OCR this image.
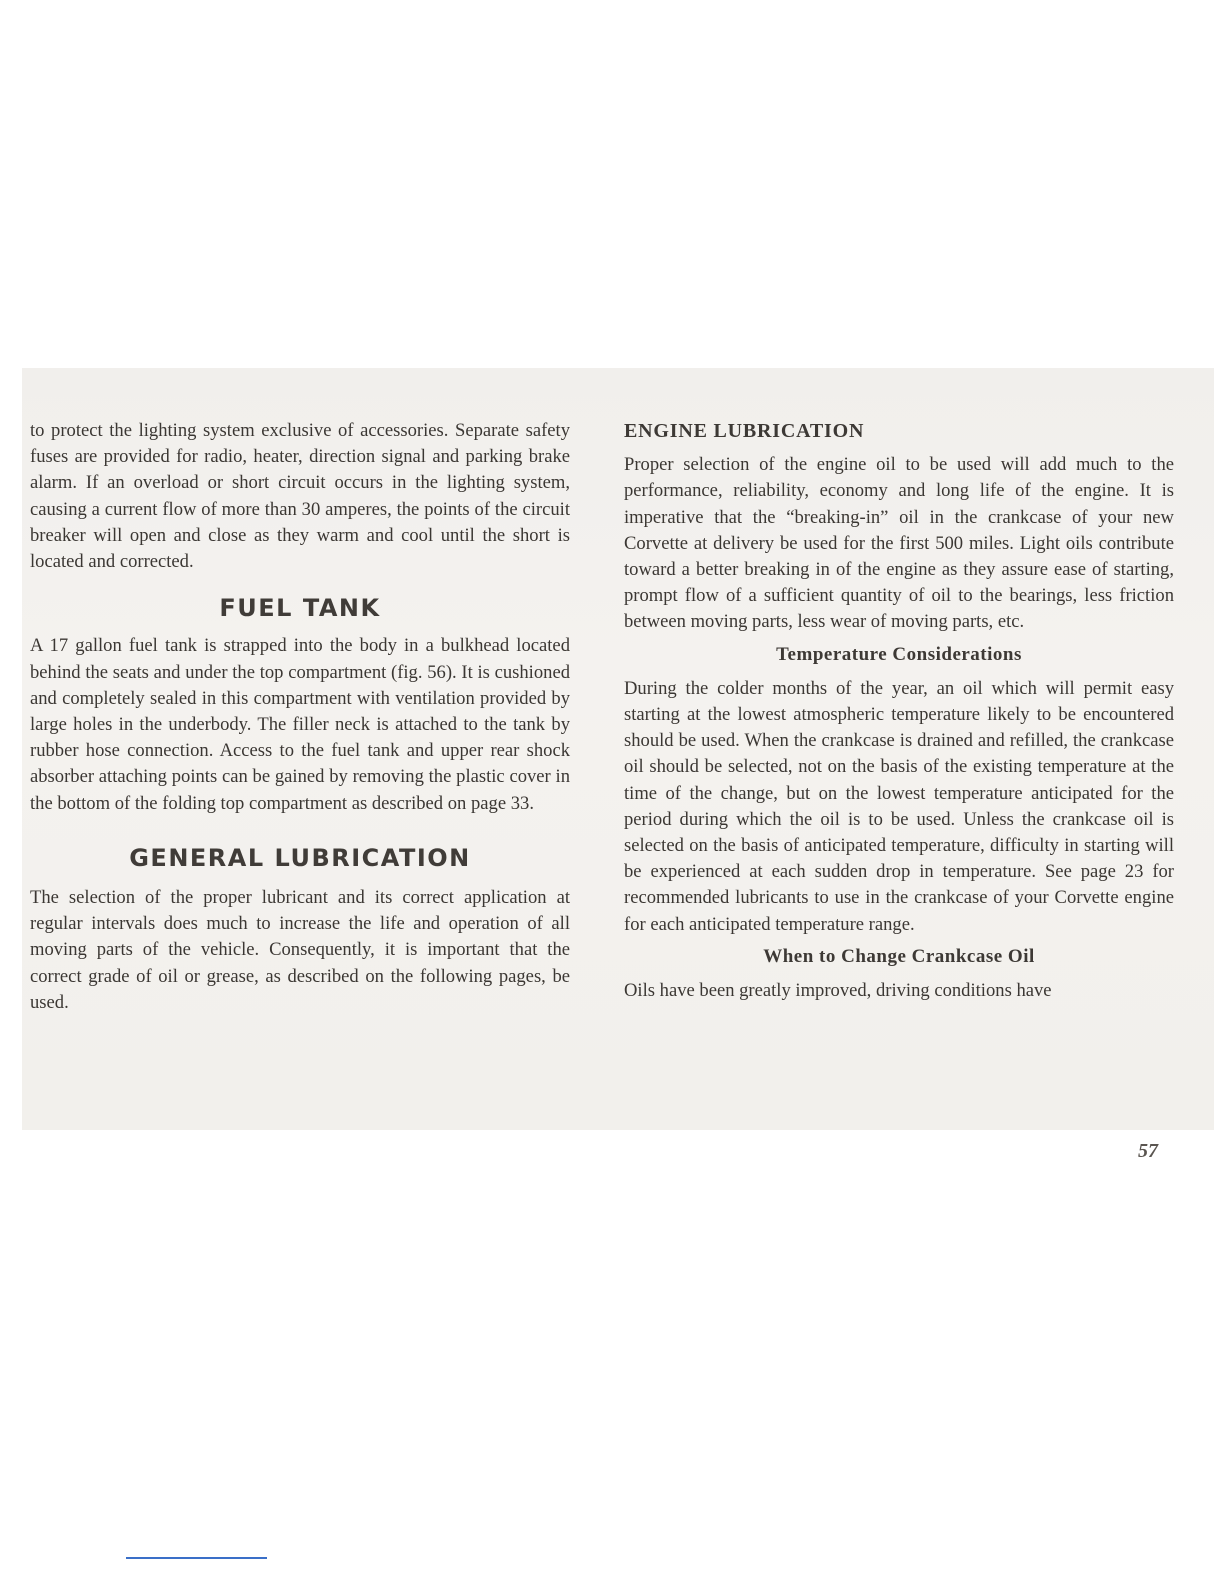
to protect the lighting system exclusive of accessories. Separate safety fuses are provided for radio, heater, direction signal and parking brake alarm. If an overload or short circuit occurs in the lighting system, causing a current flow of more than 30 amperes, the points of the circuit breaker will open and close as they warm and cool until the short is located and corrected.

FUEL TANK

A 17 gallon fuel tank is strapped into the body in a bulkhead located behind the seats and under the top compartment (fig. 56). It is cushioned and completely sealed in this compartment with ventilation provided by large holes in the underbody. The filler neck is attached to the tank by rubber hose connection. Access to the fuel tank and upper rear shock absorber attaching points can be gained by removing the plastic cover in the bottom of the folding top compartment as described on page 33.

GENERAL LUBRICATION

The selection of the proper lubricant and its correct application at regular intervals does much to increase the life and operation of all moving parts of the vehicle. Consequently, it is important that the correct grade of oil or grease, as described on the following pages, be used.

ENGINE LUBRICATION

Proper selection of the engine oil to be used will add much to the performance, reliability, economy and long life of the engine. It is imperative that the “breaking-in” oil in the crankcase of your new Corvette at delivery be used for the first 500 miles. Light oils contribute toward a better breaking in of the engine as they assure ease of starting, prompt flow of a sufficient quantity of oil to the bearings, less friction between moving parts, less wear of moving parts, etc.

Temperature Considerations

During the colder months of the year, an oil which will permit easy starting at the lowest atmospheric temperature likely to be encountered should be used. When the crankcase is drained and refilled, the crankcase oil should be selected, not on the basis of the existing temperature at the time of the change, but on the lowest temperature anticipated for the period during which the oil is to be used. Unless the crankcase oil is selected on the basis of anticipated temperature, difficulty in starting will be experienced at each sudden drop in temperature. See page 23 for recommended lubricants to use in the crankcase of your Corvette engine for each anticipated temperature range.

When to Change Crankcase Oil

Oils have been greatly improved, driving conditions have

57
